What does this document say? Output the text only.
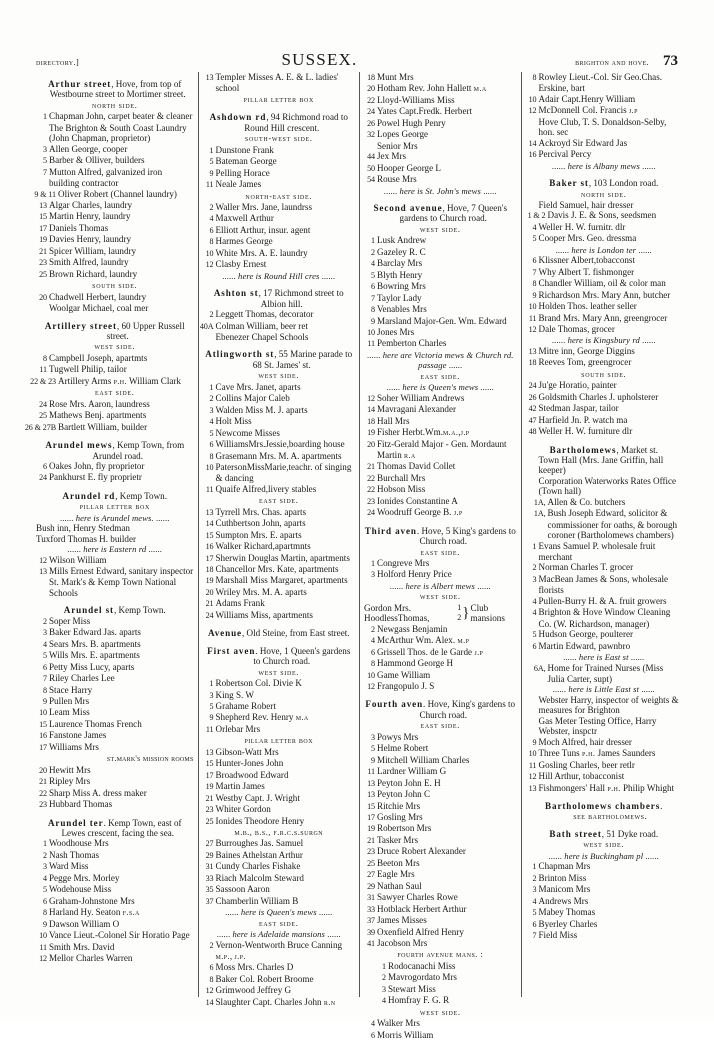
directory.]	SUSSEX.	brighton and hove. 73
Arthur street, Hove, from top of Westbourne street to Mortimer street.
north side.
1 Chapman John, carpet beater & cleaner
The Brighton & South Coast Laundry (John Chapman, proprietor)
3 Allen George, cooper
5 Barber & Olliver, builders
7 Mutton Alfred, galvanized iron building contractor
9 & 11 Oliver Robert (Channel laundry)
13 Algar Charles, laundry
15 Martin Henry, laundry
17 Daniels Thomas
19 Davies Henry, laundry
21 Spicer William, laundry
23 Smith Alfred, laundry
25 Brown Richard, laundry
south side.
20 Chadwell Herbert, laundry
Woolgar Michael, coal mer
Artillery street, 60 Upper Russell street.
west side.
8 Campbell Joseph, apartmts
11 Tugwell Philip, tailor
22 & 23 Artillery Arms p.h. William Clark
east side.
24 Rose Mrs. Aaron, laundress
25 Mathews Benj. apartments
26 & 27B Bartlett William, builder
Arundel mews, Kemp Town, from Arundel road.
6 Oakes John, fly proprietor
24 Pankhurst E. fly proprietr
Arundel rd, Kemp Town.
pillar letter box
...... here is Arundel mews. ......
Bush inn, Henry Stedman
Tuxford Thomas H. builder
...... here is Eastern rd ......
12 Wilson William
13 Mills Ernest Edward, sanitary inspector
St. Mark's & Kemp Town National Schools
Arundel st, Kemp Town.
2 Soper Miss
3 Baker Edward Jas. aparts
4 Sears Mrs. B. apartments
5 Wills Mrs. E. apartments
6 Petty Miss Lucy, aparts
7 Riley Charles Lee
8 Stace Harry
9 Pullen Mrs
10 Leam Miss
15 Laurence Thomas French
16 Fanstone James
17 Williams Mrs
st.mark's mission rooms
20 Hewitt Mrs
21 Ripley Mrs
22 Sharp Miss A. dress maker
23 Hubbard Thomas
Arundel ter. Kemp Town, east of Lewes crescent, facing the sea.
1 Woodhouse Mrs
2 Nash Thomas
3 Ward Miss
4 Pegge Mrs. Morley
5 Wodehouse Miss
6 Graham-Johnstone Mrs
8 Harland Hy. Seaton f.s.a
9 Dawson William O
10 Vance Lieut.-Colonel Sir Horatio Page
11 Smith Mrs. David
12 Mellor Charles Warren
13 Templer Misses A. E. & L. ladies' school
pillar letter box
Ashdown rd, 94 Richmond road to Round Hill crescent.
south-west side.
1 Dunstone Frank
5 Bateman George
9 Pelling Horace
11 Neale James
north-east side.
2 Waller Mrs. Jane, laundrss
4 Maxwell Arthur
6 Elliott Arthur, insur. agent
8 Harmes George
10 White Mrs. A. E. laundry
12 Clasby Ernest
...... here is Round Hill cres ......
Ashton st, 17 Richmond street to Albion hill.
2 Leggett Thomas, decorator
40A Colman William, beer ret
Ebenezer Chapel Schools
Atlingworth st, 55 Marine parade to 68 St. James' st.
west side.
1 Cave Mrs. Janet, aparts
2 Collins Major Caleb
3 Walden Miss M. J. aparts
4 Holt Miss
5 Newcome Misses
6 WilliamsMrs.Jessie,boarding house
8 Grasemann Mrs. M. A. apartments
10 PatersonMissMarie,teachr. of singing & dancing
11 Quaife Alfred,livery stables
east side.
13 Tyrrell Mrs. Chas. aparts
14 Cuthbertson John, aparts
15 Sumpton Mrs. E. aparts
16 Walker Richard,apartmnts
17 Sherwin Douglas Martin, apartments
18 Chancellor Mrs. Kate, apartments
19 Marshall Miss Margaret, apartments
20 Wriley Mrs. M. A. aparts
21 Adams Frank
24 Williams Miss, apartments
Avenue, Old Steine, from East street.
First aven. Hove, 1 Queen's gardens to Church road.
west side.
1 Robertson Col. Divie K
3 King S. W
5 Grahame Robert
9 Shepherd Rev. Henry m.a
11 Orlebar Mrs
pillar letter box
13 Gibson-Watt Mrs
15 Hunter-Jones John
17 Broadwood Edward
19 Martin James
21 Westby Capt. J. Wright
23 Whiter Gordon
25 Ionides Theodore Henry
m.b., b.s., f.r.c.s.surgn
27 Burroughes Jas. Samuel
29 Baines Athelstan Arthur
31 Cundy Charles Fishake
33 Riach Malcolm Steward
35 Sassoon Aaron
37 Chamberlin William B
...... here is Queen's mews ......
east side.
...... here is Adelaide mansions ......
2 Vernon-Wentworth Bruce Canning m.p., j.p.
6 Moss Mrs. Charles D
8 Baker Col. Robert Broome
12 Grimwood Jeffrey G
14 Slaughter Capt. Charles John r.n
18 Munt Mrs
20 Hotham Rev. John Hallett m.a
22 Lloyd-Williams Miss
24 Yates Capt.Fredk. Herbert
26 Powel Hugh Penry
32 Lopes George
Senior Mrs
44 Jex Mrs
50 Hooper George L
54 Rouse Mrs
...... here is St. John's mews ......
Second avenue, Hove, 7 Queen's gardens to Church road.
west side.
1 Lusk Andrew
2 Gazeley R. C
4 Barclay Mrs
5 Blyth Henry
6 Bowring Mrs
7 Taylor Lady
8 Venables Mrs
9 Marsland Major-Gen. Wm. Edward
10 Jones Mrs
11 Pemberton Charles
...... here are Victoria mews & Church rd. passage ......
east side.
...... here is Queen's mews ......
12 Soher William Andrews
14 Mavragani Alexander
18 Hall Mrs
19 Fisher Herbt.Wm.m.a.,j.p
20 Fitz-Gerald Major - Gen. Mordaunt Martin r.a
21 Thomas David Collet
22 Burchall Mrs
22 Hobson Miss
23 Ionides Constantine A
24 Woodruff George B. j.p
Third aven. Hove, 5 King's gardens to Church road.
east side.
1 Congreve Mrs
3 Holford Henry Price
...... here is Albert mews ......
west side.
Gordon Mrs.
HoodlessThomas,
1
2 } Club mansions
2 Newgass Benjamin
4 McArthur Wm. Alex. m.p
6 Grissell Thos. de le Garde j.p
8 Hammond George H
10 Game William
12 Frangopulo J. S
Fourth aven. Hove, King's gardens to Church road.
east side.
3 Powys Mrs
5 Helme Robert
9 Mitchell William Charles
11 Lardner William G
13 Peyton John E. H
13 Peyton John C
15 Ritchie Mrs
17 Gosling Mrs
19 Robertson Mrs
21 Tasker Mrs
23 Druce Robert Alexander
25 Beeton Mrs
27 Eagle Mrs
29 Nathan Saul
31 Sawyer Charles Rowe
33 Hotblack Herbert Arthur
37 James Misses
39 Oxenfield Alfred Henry
41 Jacobson Mrs
fourth avenue mans. :
1 Rodocanachi Miss
2 Mavrogordato Mrs
3 Stewart Miss
4 Homfray F. G. R
west side.
4 Walker Mrs
6 Morris William
8 Rowley Lieut.-Col. Sir Geo.Chas. Erskine, bart
10 Adair Capt.Henry William
12 McDonnell Col. Francis j.p
Hove Club, T. S. Donaldson-Selby, hon. sec
14 Ackroyd Sir Edward Jas
16 Percival Percy
...... here is Albany mews ......
Baker st, 103 London road.
north side.
Field Samuel, hair dresser
1 & 2 Davis J. E. & Sons, seedsmen
4 Weller H. W. furnitr. dlr
5 Cooper Mrs. Geo. dressma
...... here is London ter ......
6 Klissner Albert,tobacconst
7 Why Albert T. fishmonger
8 Chandler William, oil & color man
9 Richardson Mrs. Mary Ann, butcher
10 Holden Thos. leather seller
11 Brand Mrs. Mary Ann, greengrocer
12 Dale Thomas, grocer
...... here is Kingsbury rd ......
13 Mitre inn, George Diggins
18 Reeves Tom, greengrocer
south side.
24 Ju'ge Horatio, painter
26 Goldsmith Charles J. upholsterer
42 Stedman Jaspar, tailor
47 Harfield Jn. P. watch ma
48 Weller H. W. furniture dlr
Bartholomews, Market st.
Town Hall (Mrs. Jane Griffin, hall keeper)
Corporation Waterworks Rates Office (Town hall)
1A, Allen & Co. butchers
1A, Bush Joseph Edward, solicitor & commissioner for oaths, & borough coroner (Bartholomews chambers)
1 Evans Samuel P. wholesale fruit merchant
2 Norman Charles T. grocer
3 MacBean James & Sons, wholesale florists
4 Pullen-Burry H. & A. fruit growers
4 Brighton & Hove Window Cleaning Co. (W. Richardson, manager)
5 Hudson George, poulterer
6 Martin Edward, pawnbro
...... here is East st ......
6A, Home for Trained Nurses (Miss Julia Carter, supt)
...... here is Little East st ......
Webster Harry, inspector of weights & measures for Brighton
Gas Meter Testing Office, Harry Webster, inspctr
9 Moch Alfred, hair dresser
10 Three Tuns p.h. James Saunders
11 Gosling Charles, beer retlr
12 Hill Arthur, tobacconist
13 Fishmongers' Hall p.h. Philip Whight
Bartholomews chambers.
see bartholomews.
Bath street, 51 Dyke road.
west side.
...... here is Buckingham pl ......
1 Chapman Mrs
2 Brinton Miss
3 Manicom Mrs
4 Andrews Mrs
5 Mabey Thomas
6 Byerley Charles
7 Field Miss
